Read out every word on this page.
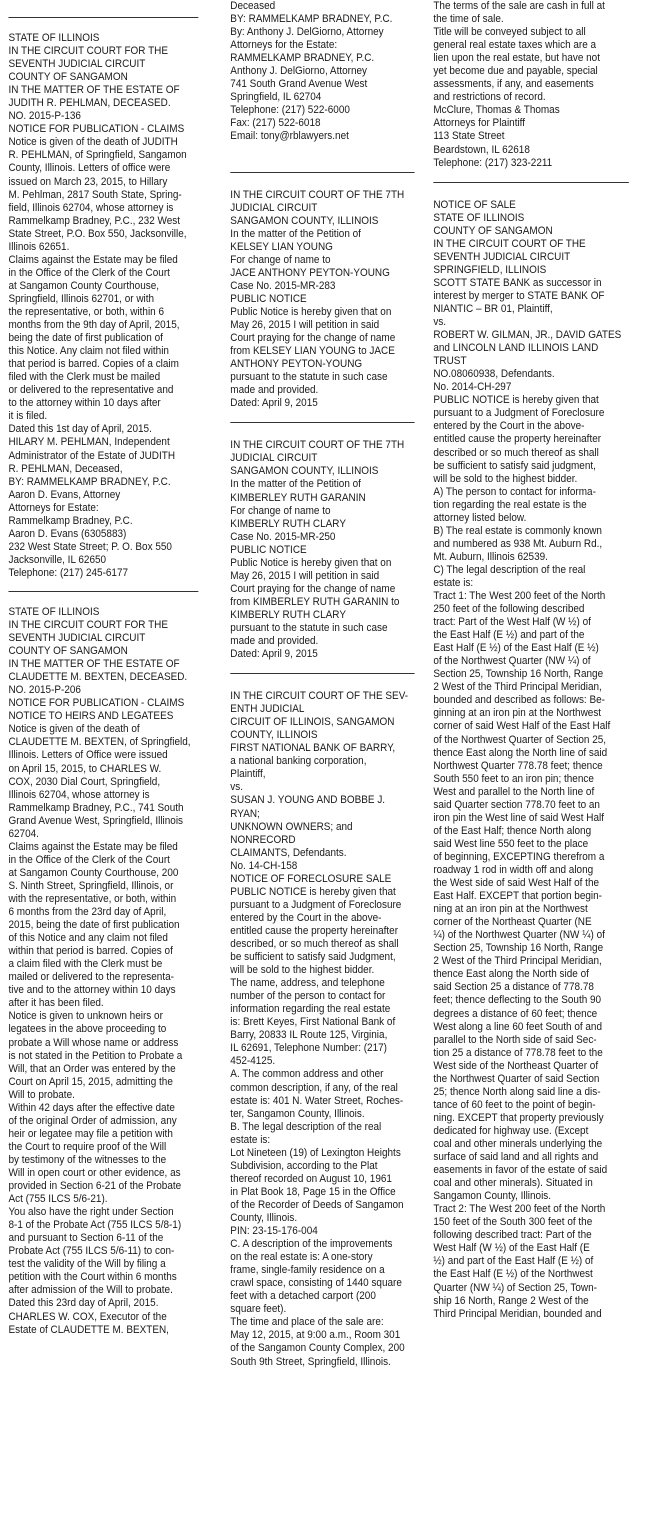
STATE OF ILLINOIS
IN THE CIRCUIT COURT FOR THE
SEVENTH JUDICIAL CIRCUIT
COUNTY OF SANGAMON
IN THE MATTER OF THE ESTATE OF
JUDITH R. PEHLMAN, DECEASED.
NO. 2015-P-136
NOTICE FOR PUBLICATION - CLAIMS
Notice is given of the death of JUDITH
R. PEHLMAN, of Springfield, Sangamon
County, Illinois. Letters of office were
issued on March 23, 2015, to Hillary
M. Pehlman, 2817 South State, Spring-
field, Illinois 62704, whose attorney is
Rammelkamp Bradney, P.C., 232 West
State Street, P.O. Box 550, Jacksonville,
Illinois 62651.
Claims against the Estate may be filed
in the Office of the Clerk of the Court
at Sangamon County Courthouse,
Springfield, Illinois 62701, or with
the representative, or both, within 6
months from the 9th day of April, 2015,
being the date of first publication of
this Notice. Any claim not filed within
that period is barred. Copies of a claim
filed with the Clerk must be mailed
or delivered to the representative and
to the attorney within 10 days after
it is filed.
Dated this 1st day of April, 2015.
HILARY M. PEHLMAN, Independent
Administrator of the Estate of JUDITH
R. PEHLMAN, Deceased,
BY: RAMMELKAMP BRADNEY, P.C.
Aaron D. Evans, Attorney
Attorneys for Estate:
Rammelkamp Bradney, P.C.
Aaron D. Evans (6305883)
232 West State Street; P. O. Box 550
Jacksonville, IL 62650
Telephone: (217) 245-6177

STATE OF ILLINOIS
IN THE CIRCUIT COURT FOR THE
SEVENTH JUDICIAL CIRCUIT
COUNTY OF SANGAMON
IN THE MATTER OF THE ESTATE OF
CLAUDETTE M. BEXTEN, DECEASED.
NO. 2015-P-206
NOTICE FOR PUBLICATION - CLAIMS
NOTICE TO HEIRS AND LEGATEES
Notice is given of the death of
CLAUDETTE M. BEXTEN, of Springfield,
Illinois. Letters of Office were issued
on April 15, 2015, to CHARLES W.
COX, 2030 Dial Court, Springfield,
Illinois 62704, whose attorney is
Rammelkamp Bradney, P.C., 741 South
Grand Avenue West, Springfield, Illinois
62704.
Claims against the Estate may be filed
in the Office of the Clerk of the Court
at Sangamon County Courthouse, 200
S. Ninth Street, Springfield, Illinois, or
with the representative, or both, within
6 months from the 23rd day of April,
2015, being the date of first publication
of this Notice and any claim not filed
within that period is barred. Copies of
a claim filed with the Clerk must be
mailed or delivered to the representa-
tive and to the attorney within 10 days
after it has been filed.
Notice is given to unknown heirs or
legatees in the above proceeding to
probate a Will whose name or address
is not stated in the Petition to Probate a
Will, that an Order was entered by the
Court on April 15, 2015, admitting the
Will to probate.
Within 42 days after the effective date
of the original Order of admission, any
heir or legatee may file a petition with
the Court to require proof of the Will
by testimony of the witnesses to the
Will in open court or other evidence, as
provided in Section 6-21 of the Probate
Act (755 ILCS 5/6-21).
You also have the right under Section
8-1 of the Probate Act (755 ILCS 5/8-1)
and pursuant to Section 6-11 of the
Probate Act (755 ILCS 5/6-11) to con-
test the validity of the Will by filing a
petition with the Court within 6 months
after admission of the Will to probate.
Dated this 23rd day of April, 2015.
CHARLES W. COX, Executor of the
Estate of CLAUDETTE M. BEXTEN,

Deceased
BY: RAMMELKAMP BRADNEY, P.C.
By: Anthony J. DelGiorno, Attorney
Attorneys for the Estate:
RAMMELKAMP BRADNEY, P.C.
Anthony J. DelGiorno, Attorney
741 South Grand Avenue West
Springfield, IL 62704
Telephone: (217) 522-6000
Fax: (217) 522-6018
Email: tony@rblawyers.net

IN THE CIRCUIT COURT OF THE 7TH
JUDICIAL CIRCUIT
SANGAMON COUNTY, ILLINOIS
In the matter of the Petition of
KELSEY LIAN YOUNG
For change of name to
JACE ANTHONY PEYTON-YOUNG
Case No. 2015-MR-283
PUBLIC NOTICE
Public Notice is hereby given that on
May 26, 2015 I will petition in said
Court praying for the change of name
from KELSEY LIAN YOUNG to JACE
ANTHONY PEYTON-YOUNG
pursuant to the statute in such case
made and provided.
Dated: April 9, 2015

IN THE CIRCUIT COURT OF THE 7TH
JUDICIAL CIRCUIT
SANGAMON COUNTY, ILLINOIS
In the matter of the Petition of
KIMBERLEY RUTH GARANIN
For change of name to
KIMBERLY RUTH CLARY
Case No. 2015-MR-250
PUBLIC NOTICE
Public Notice is hereby given that on
May 26, 2015 I will petition in said
Court praying for the change of name
from KIMBERLEY RUTH GARANIN to
KIMBERLY RUTH CLARY
pursuant to the statute in such case
made and provided.
Dated: April 9, 2015

IN THE CIRCUIT COURT OF THE SEV-
ENTH JUDICIAL
CIRCUIT OF ILLINOIS, SANGAMON
COUNTY, ILLINOIS
FIRST NATIONAL BANK OF BARRY,
a national banking corporation,
Plaintiff,
vs.
SUSAN J. YOUNG AND BOBBE J. RYAN;
UNKNOWN OWNERS; and NONRECORD
CLAIMANTS, Defendants.
No. 14-CH-158
NOTICE OF FORECLOSURE SALE
PUBLIC NOTICE is hereby given that
pursuant to a Judgment of Foreclosure
entered by the Court in the above-
entitled cause the property hereinafter
described, or so much thereof as shall
be sufficient to satisfy said Judgment,
will be sold to the highest bidder.
The name, address, and telephone
number of the person to contact for
information regarding the real estate
is: Brett Keyes, First National Bank of
Barry, 20833 IL Route 125, Virginia,
IL 62691, Telephone Number: (217)
452-4125.
A. The common address and other
common description, if any, of the real
estate is: 401 N. Water Street, Roches-
ter, Sangamon County, Illinois.
B. The legal description of the real
estate is:
Lot Nineteen (19) of Lexington Heights
Subdivision, according to the Plat
thereof recorded on August 10, 1961
in Plat Book 18, Page 15 in the Office
of the Recorder of Deeds of Sangamon
County, Illinois.
PIN: 23-15-176-004
C. A description of the improvements
on the real estate is: A one-story
frame, single-family residence on a
crawl space, consisting of 1440 square
feet with a detached carport (200
square feet).
The time and place of the sale are:
May 12, 2015, at 9:00 a.m., Room 301
of the Sangamon County Complex, 200
South 9th Street, Springfield, Illinois.

The terms of the sale are cash in full at
the time of sale.
Title will be conveyed subject to all
general real estate taxes which are a
lien upon the real estate, but have not
yet become due and payable, special
assessments, if any, and easements
and restrictions of record.
McClure, Thomas & Thomas
Attorneys for Plaintiff
113 State Street
Beardstown, IL 62618
Telephone: (217) 323-2211

NOTICE OF SALE
STATE OF ILLINOIS
COUNTY OF SANGAMON
IN THE CIRCUIT COURT OF THE
SEVENTH JUDICIAL CIRCUIT
SPRINGFIELD, ILLINOIS
SCOTT STATE BANK as successor in
interest by merger to STATE BANK OF
NIANTIC – BR 01, Plaintiff,
vs.
ROBERT W. GILMAN, JR., DAVID GATES
and LINCOLN LAND ILLINOIS LAND
TRUST
NO.08060938, Defendants.
No. 2014-CH-297
PUBLIC NOTICE is hereby given that
pursuant to a Judgment of Foreclosure
entered by the Court in the above-
entitled cause the property hereinafter
described or so much thereof as shall
be sufficient to satisfy said judgment,
will be sold to the highest bidder.
A) The person to contact for informa-
tion regarding the real estate is the
attorney listed below.
B) The real estate is commonly known
and numbered as 938 Mt. Auburn Rd.,
Mt. Auburn, Illinois 62539.
C) The legal description of the real
estate is:
Tract 1: The West 200 feet of the North
250 feet of the following described
tract: Part of the West Half (W ½) of
the East Half (E ½) and part of the
East Half (E ½) of the East Half (E ½)
of the Northwest Quarter (NW ¼) of
Section 25, Township 16 North, Range
2 West of the Third Principal Meridian,
bounded and described as follows: Be-
ginning at an iron pin at the Northwest
corner of said West Half of the East Half
of the Northwest Quarter of Section 25,
thence East along the North line of said
Northwest Quarter 778.78 feet; thence
South 550 feet to an iron pin; thence
West and parallel to the North line of
said Quarter section 778.70 feet to an
iron pin the West line of said West Half
of the East Half; thence North along
said West line 550 feet to the place
of beginning, EXCEPTING therefrom a
roadway 1 rod in width off and along
the West side of said West Half of the
East Half. EXCEPT that portion begin-
ning at an iron pin at the Northwest
corner of the Northeast Quarter (NE
¼) of the Northwest Quarter (NW ¼) of
Section 25, Township 16 North, Range
2 West of the Third Principal Meridian,
thence East along the North side of
said Section 25 a distance of 778.78
feet; thence deflecting to the South 90
degrees a distance of 60 feet; thence
West along a line 60 feet South of and
parallel to the North side of said Sec-
tion 25 a distance of 778.78 feet to the
West side of the Northeast Quarter of
the Northwest Quarter of said Section
25; thence North along said line a dis-
tance of 60 feet to the point of begin-
ning. EXCEPT that property previously
dedicated for highway use. (Except
coal and other minerals underlying the
surface of said land and all rights and
easements in favor of the estate of said
coal and other minerals). Situated in
Sangamon County, Illinois.
Tract 2: The West 200 feet of the North
150 feet of the South 300 feet of the
following described tract: Part of the
West Half (W ½) of the East Half (E
½) and part of the East Half (E ½) of
the East Half (E ½) of the Northwest
Quarter (NW ¼) of Section 25, Town-
ship 16 North, Range 2 West of the
Third Principal Meridian, bounded and
